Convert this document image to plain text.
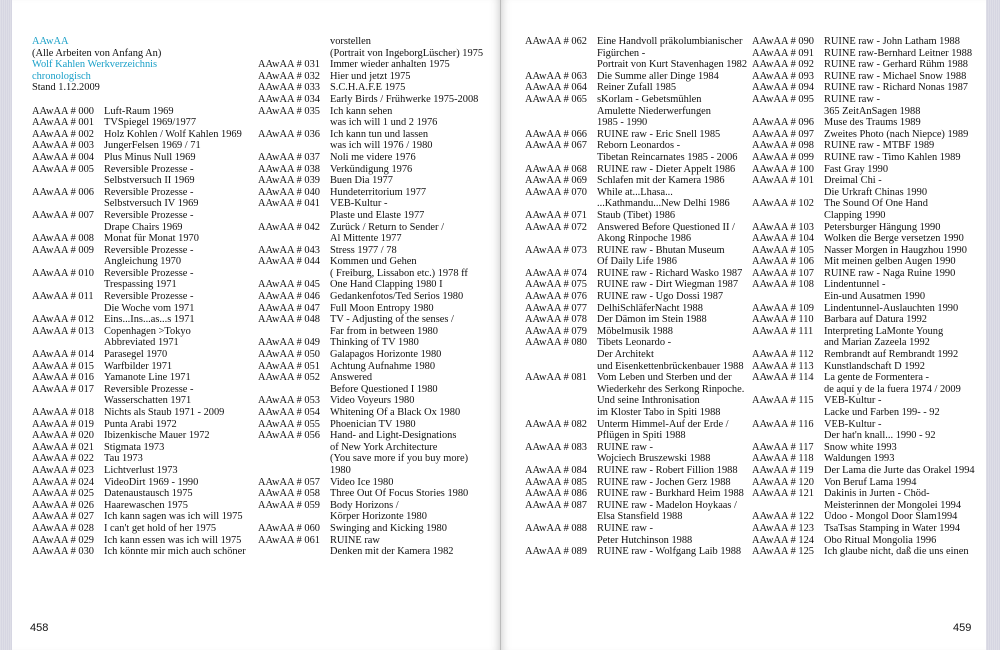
AAwAA
(Alle Arbeiten von Anfang An)
Wolf Kahlen Werkverzeichnis
chronologisch
Stand 1.12.2009
AAwAA # 000 Luft-Raum 1969
AAwAA # 001 TVSpiegel 1969/1977
AAwAA # 002 Holz Kohlen / Wolf Kahlen 1969
AAwAA # 003 JungerFelsen 1969 / 71
AAwAA # 004 Plus Minus Null 1969
AAwAA # 005 Reversible Prozesse -
Selbstversuch II 1969
AAwAA # 006 Reversible Prozesse -
Selbstversuch IV 1969
AAwAA # 007 Reversible Prozesse -
Drape Chairs 1969
AAwAA # 008 Monat für Monat 1970
AAwAA # 009 Reversible Prozesse -
Angleichung 1970
AAwAA # 010 Reversible Prozesse -
Trespassing 1971
AAwAA # 011 Reversible Prozesse -
Die Woche vom 1971
AAwAA # 012 Eins...Ins...as...s 1971
AAwAA # 013 Copenhagen >Tokyo
Abbreviated 1971
AAwAA # 014 Parasegel 1970
AAwAA # 015 Warfbilder 1971
AAwAA # 016 Yamanote Line 1971
AAwAA # 017 Reversible Prozesse -
Wasserschatten 1971
AAwAA # 018 Nichts als Staub 1971 - 2009
AAwAA # 019 Punta Arabi 1972
AAwAA # 020 Ibizenkische Mauer 1972
AAwAA # 021 Stigmata 1973
AAwAA # 022 Tau 1973
AAwAA # 023 Lichtverlust 1973
AAwAA # 024 VideoDirt 1969 - 1990
AAwAA # 025 Datenaustausch 1975
AAwAA # 026 Haarewaschen 1975
AAwAA # 027 Ich kann sagen was ich will 1975
AAwAA # 028 I can't get hold of her 1975
AAwAA # 029 Ich kann essen was ich will 1975
AAwAA # 030 Ich könnte mir mich auch schöner
vorstellen
(Portrait von IngeborgLüscher) 1975
AAwAA # 031 Immer wieder anhalten 1975
AAwAA # 032 Hier und jetzt 1975
AAwAA # 033 S.C.H.A.F.E 1975
AAwAA # 034 Early Birds / Frühwerke 1975-2008
AAwAA # 035 Ich kann sehen
was ich will 1 und 2 1976
AAwAA # 036 Ich kann tun und lassen
was ich will 1976 / 1980
AAwAA # 037 Noli me videre 1976
AAwAA # 038 Verkündigung 1976
AAwAA # 039 Buen Dia 1977
AAwAA # 040 Hundeterritorium 1977
AAwAA # 041 VEB-Kultur -
Plaste und Elaste 1977
AAwAA # 042 Zurück / Return to Sender /
Al Mittente 1977
AAwAA # 043 Stress 1977 / 78
AAwAA # 044 Kommen und Gehen
( Freiburg, Lissabon etc.) 1978 ff
AAwAA # 045 One Hand Clapping 1980 I
AAwAA # 046 Gedankenfotos/Ted Serios 1980
AAwAA # 047 Full Moon Entropy 1980
AAwAA # 048 TV - Adjusting of the senses /
Far from in between 1980
AAwAA # 049 Thinking of TV 1980
AAwAA # 050 Galapagos Horizonte 1980
AAwAA # 051 Achtung Aufnahme 1980
AAwAA # 052 Answered
Before Questioned I 1980
AAwAA # 053 Video Voyeurs 1980
AAwAA # 054 Whitening Of a Black Ox 1980
AAwAA # 055 Phoenician TV 1980
AAwAA # 056 Hand- and Light-Designations
of New York Architecture
(You save more if you buy more)
1980
AAwAA # 057 Video Ice 1980
AAwAA # 058 Three Out Of Focus Stories 1980
AAwAA # 059 Body Horizons /
Körper Horizonte 1980
AAwAA # 060 Swinging and Kicking 1980
AAwAA # 061 RUINE raw
Denken mit der Kamera 1982
458
AAwAA # 062 Eine Handvoll präkolumbianischer
Figürchen -
Portrait von Kurt Stavenhagen 1982
AAwAA # 063 Die Summe aller Dinge 1984
AAwAA # 064 Reiner Zufall 1985
AAwAA # 065 sKorlam - Gebetsmühlen
Amulette Niederwerfungen
1985 - 1990
AAwAA # 066 RUINE raw - Eric Snell 1985
AAwAA # 067 Reborn Leonardos -
Tibetan Reincarnates 1985 - 2006
AAwAA # 068 RUINE raw - Dieter Appelt 1986
AAwAA # 069 Schlafen mit der Kamera 1986
AAwAA # 070 While at...Lhasa...
...Kathmandu...New Delhi 1986
AAwAA # 071 Staub (Tibet) 1986
AAwAA # 072 Answered Before Questioned II /
Akong Rinpoche 1986
AAwAA # 073 RUINE raw - Bhutan Museum
Of Daily Life 1986
AAwAA # 074 RUINE raw - Richard Wasko 1987
AAwAA # 075 RUINE raw - Dirt Wiegman 1987
AAwAA # 076 RUINE raw - Ugo Dossi 1987
AAwAA # 077 DelhiSchläferNacht 1988
AAwAA # 078 Der Dämon im Stein 1988
AAwAA # 079 Möbelmusik 1988
AAwAA # 080 Tibets Leonardo -
Der Architekt
und Eisenkettenbrückenbauer 1988
AAwAA # 081 Vom Leben und Sterben und der
Wiederkehr des Serkong Rinpoche.
Und seine Inthronisation
im Kloster Tabo in Spiti 1988
AAwAA # 082 Unterm Himmel-Auf der Erde /
Pflügen in Spiti 1988
AAwAA # 083 RUINE raw -
Wojciech Bruszewski 1988
AAwAA # 084 RUINE raw - Robert Fillion 1988
AAwAA # 085 RUINE raw - Jochen Gerz 1988
AAwAA # 086 RUINE raw - Burkhard Heim 1988
AAwAA # 087 RUINE raw - Madelon Hoykaas /
Elsa Stansfield 1988
AAwAA # 088 RUINE raw -
Peter Hutchinson 1988
AAwAA # 089 RUINE raw - Wolfgang Laib 1988
AAwAA # 090 RUINE raw - John Latham 1988
AAwAA # 091 RUINE raw-Bernhard Leitner 1988
AAwAA # 092 RUINE raw - Gerhard Rühm 1988
AAwAA # 093 RUINE raw - Michael Snow 1988
AAwAA # 094 RUINE raw - Richard Nonas 1987
AAwAA # 095 RUINE raw -
365 ZeitAnSagen 1988
AAwAA # 096 Muse des Traums 1989
AAwAA # 097 Zweites Photo (nach Niepce) 1989
AAwAA # 098 RUINE raw - MTBF 1989
AAwAA # 099 RUINE raw - Timo Kahlen 1989
AAwAA # 100 Fast Gray 1990
AAwAA # 101 Dreimal Chi -
Die Urkraft Chinas 1990
AAwAA # 102 The Sound Of One Hand
Clapping 1990
AAwAA # 103 Petersburger Hängung 1990
AAwAA # 104 Wolken die Berge versetzen 1990
AAwAA # 105 Nasser Morgen in Haugzhou 1990
AAwAA # 106 Mit meinen gelben Augen 1990
AAwAA # 107 RUINE raw - Naga Ruine 1990
AAwAA # 108 Lindentunnel -
Ein-und Ausatmen 1990
AAwAA # 109 Lindentunnel-Auslauchten 1990
AAwAA # 110 Barbara auf Datura 1992
AAwAA # 111 Interpreting LaMonte Young
and Marian Zazeela 1992
AAwAA # 112 Rembrandt auf Rembrandt 1992
AAwAA # 113 Kunstlandschaft D 1992
AAwAA # 114 La gente de Formentera -
de aquí y de la fuera 1974 / 2009
AAwAA # 115 VEB-Kultur -
Lacke und Farben 199- - 92
AAwAA # 116 VEB-Kultur -
Der hat'n knall... 1990 - 92
AAwAA # 117 Snow white 1993
AAwAA # 118 Waldungen 1993
AAwAA # 119 Der Lama die Jurte das Orakel 1994
AAwAA # 120 Von Beruf Lama 1994
AAwAA # 121 Dakinis in Jurten - Chöd-
Meisterinnen der Mongolei 1994
AAwAA # 122 Üdoo - Mongol Door Slam1994
AAwAA # 123 TsaTsas Stamping in Water 1994
AAwAA # 124 Obo Ritual Mongolia 1996
AAwAA # 125 Ich glaube nicht, daß die uns einen
459
